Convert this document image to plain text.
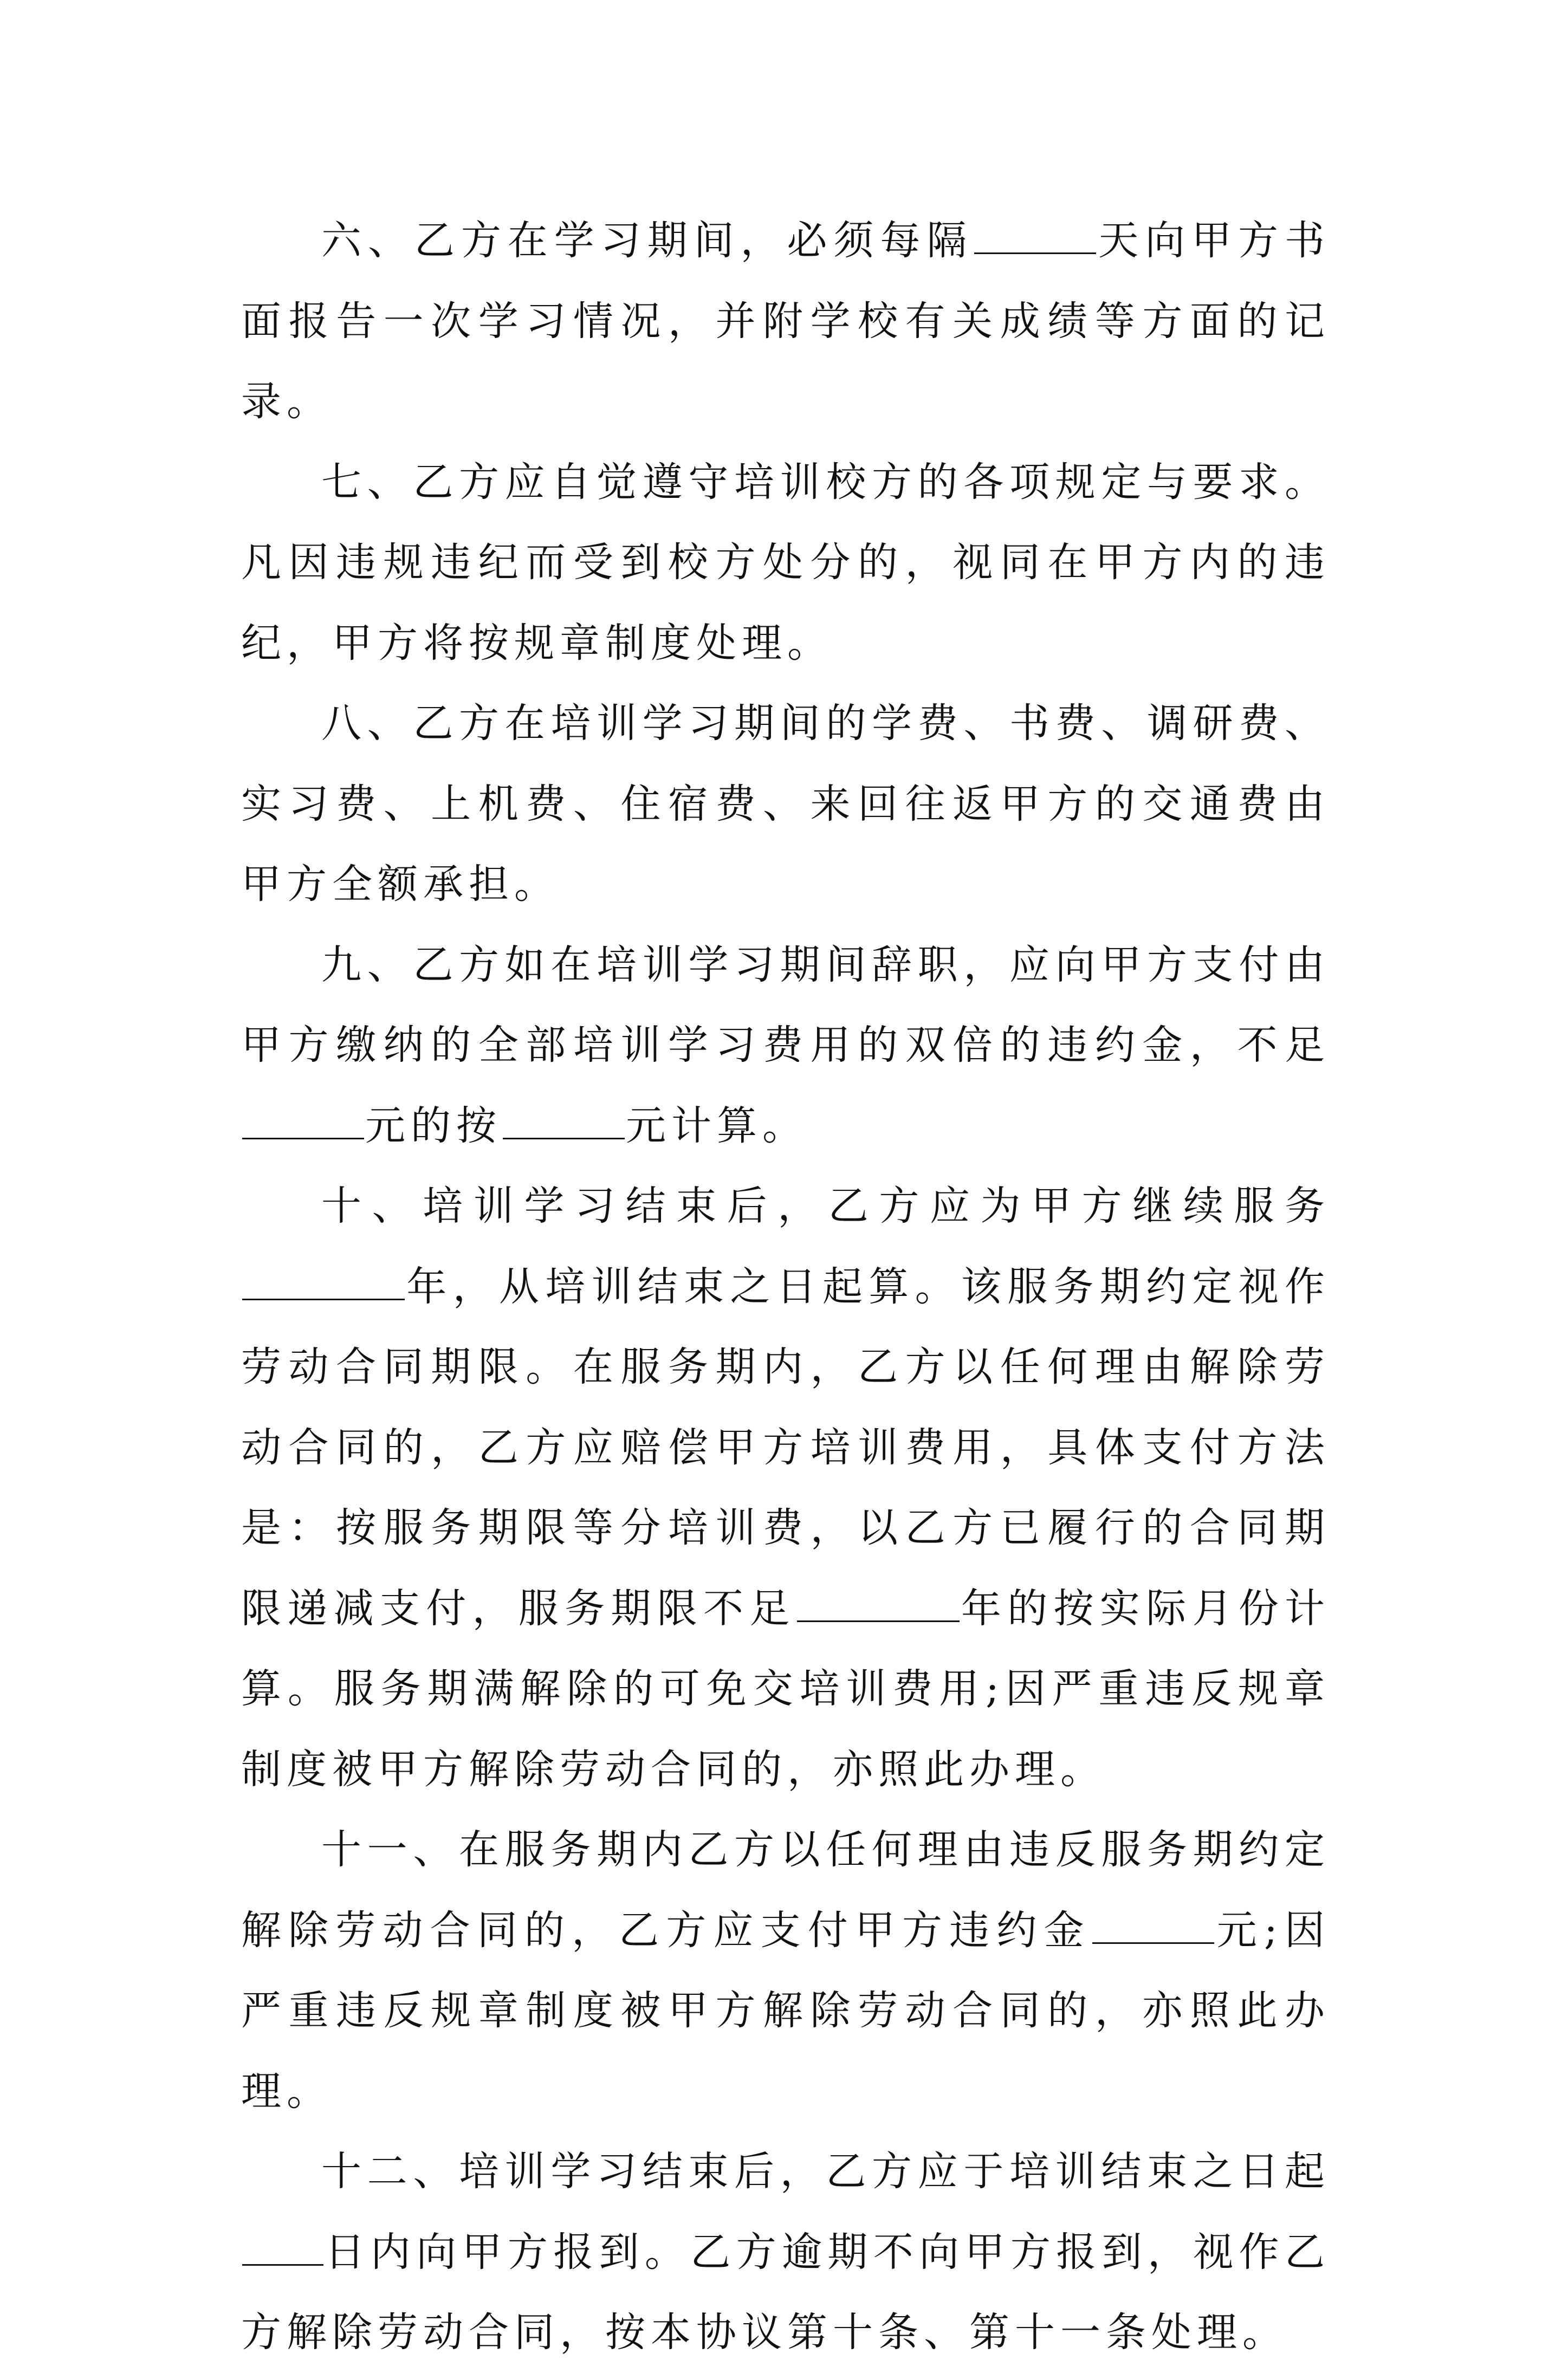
六、乙方在学习期间，必须每隔	天向甲方书面报告一次学习情况，并附学校有关成绩等方面的记录。

七、乙方应自觉遵守培训校方的各项规定与要求。凡因违规违纪而受到校方处分的，视同在甲方内的违纪，甲方将按规章制度处理。

八、乙方在培训学习期间的学费、书费、调研费、实习费、上机费、住宿费、来回往返甲方的交通费由甲方全额承担。

九、乙方如在培训学习期间辞职，应向甲方支付由甲方缴纳的全部培训学习费用的双倍的违约金，不足元的按	元计算。

十、培训学习结束后，乙方应为甲方继续服务年，从培训结束之日起算。该服务期约定视作劳动合同期限。在服务期内，乙方以任何理由解除劳动合同的，乙方应赔偿甲方培训费用，具体支付方法是：按服务期限等分培训费，以乙方已履行的合同期限递减支付，服务期限不足	年的按实际月份计算。服务期满解除的可免交培训费用;因严重违反规章制度被甲方解除劳动合同的，亦照此办理。

十一、在服务期内乙方以任何理由违反服务期约定解除劳动合同的，乙方应支付甲方违约金	元;因严重违反规章制度被甲方解除劳动合同的，亦照此办理。

十二、培训学习结束后，乙方应于培训结束之日起日内向甲方报到。乙方逾期不向甲方报到，视作乙方解除劳动合同，按本协议第十条、第十一条处理。
